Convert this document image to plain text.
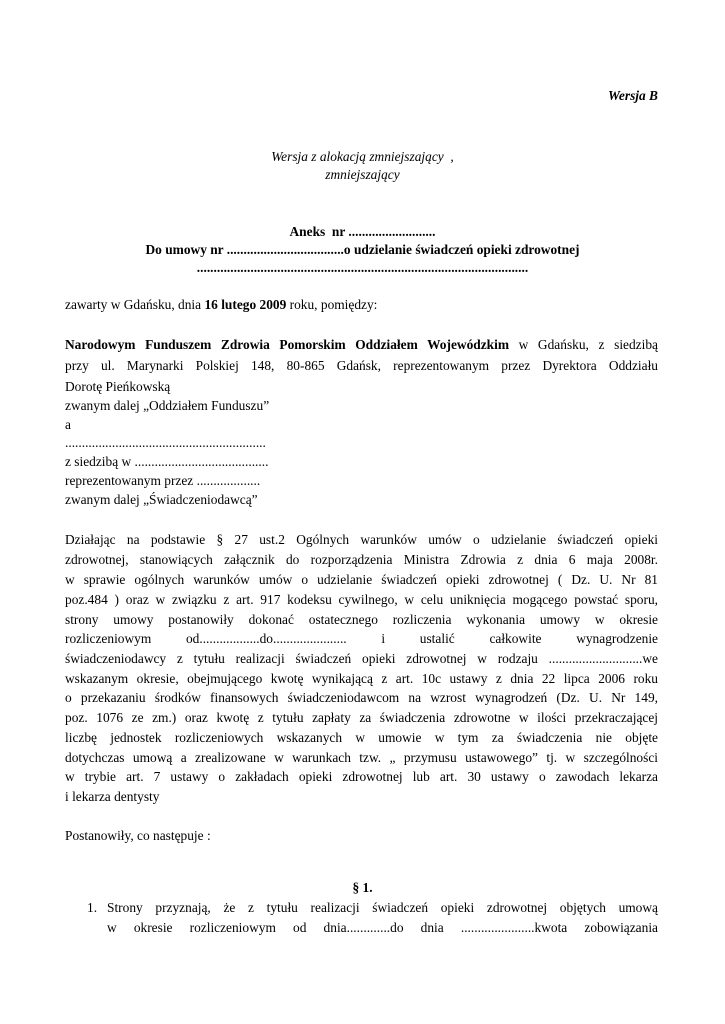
Wersja B
Wersja z alokacją zmniejszający  ,
zmniejszający
Aneks  nr ..........................
Do umowy nr ...................................o udzielanie świadczeń opieki zdrowotnej
...................................................................................................
zawarty w Gdańsku, dnia 16 lutego 2009 roku, pomiędzy:
Narodowym Funduszem Zdrowia Pomorskim Oddziałem Wojewódzkim w Gdańsku, z siedzibą
przy ul. Marynarki Polskiej 148, 80-865 Gdańsk, reprezentowanym przez Dyrektora Oddziału
Dorotę Pieńkowską
zwanym dalej „Oddziałem Funduszu”
a
............................................................
z siedzibą w ........................................
reprezentowanym przez ...................
zwanym dalej „Świadczeniodawcą”
Działając na podstawie § 27 ust.2 Ogólnych warunków umów o udzielanie świadczeń opieki
zdrowotnej, stanowiących załącznik do rozporządzenia Ministra Zdrowia z dnia 6 maja 2008r.
w sprawie ogólnych warunków umów o udzielanie świadczeń opieki zdrowotnej ( Dz. U. Nr 81
poz.484 ) oraz w związku z art. 917 kodeksu cywilnego, w celu uniknięcia mogącego powstać sporu,
strony umowy postanowiły dokonać ostatecznego rozliczenia wykonania umowy w okresie
rozliczeniowym od..................do...................... i ustalić całkowite wynagrodzenie
świadczeniodawcy z tytułu realizacji świadczeń opieki zdrowotnej w rodzaju ............................we
wskazanym okresie, obejmującego kwotę wynikającą z art. 10c ustawy z dnia 22 lipca 2006 roku
o przekazaniu środków finansowych świadczeniodawcom na wzrost wynagrodzeń (Dz. U. Nr 149,
poz. 1076 ze zm.) oraz kwotę z tytułu zapłaty za świadczenia zdrowotne w ilości przekraczającej
liczbę jednostek rozliczeniowych wskazanych w umowie w tym za świadczenia nie objęte
dotychczas umową a zrealizowane w warunkach tzw. „ przymusu ustawowego” tj. w szczególności
w trybie art. 7 ustawy o zakładach opieki zdrowotnej lub art. 30 ustawy o zawodach lekarza
i lekarza dentysty
Postanowiły, co następuje :
§ 1.
1. Strony przyznają, że z tytułu realizacji świadczeń opieki zdrowotnej objętych umową
w okresie rozliczeniowym od dnia.............do dnia ......................kwota zobowiązania
